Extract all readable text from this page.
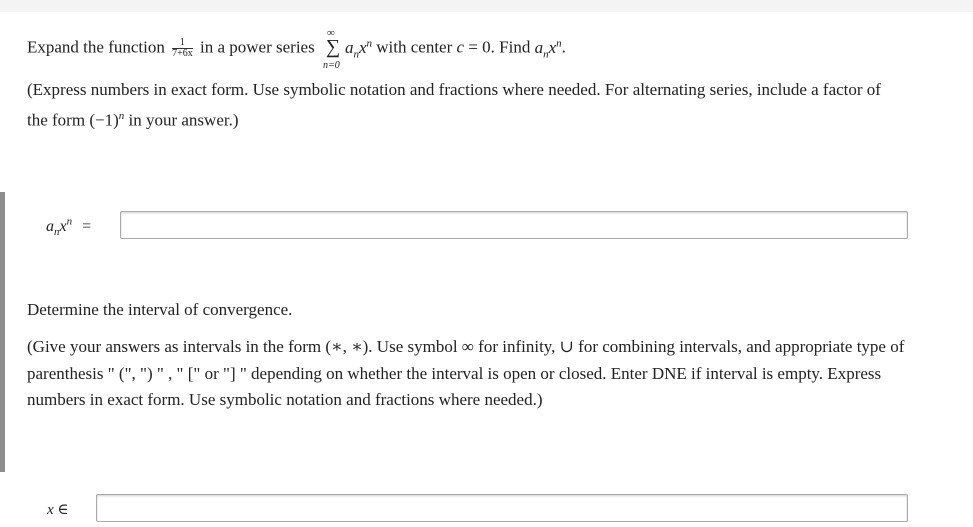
Expand the function $\frac{1}{7+6x}$ in a power series
∞
∑
n=0
$a_nx^n$ with center c = 0. Find $a_nx^n$.
(Express numbers in exact form. Use symbolic notation and fractions where needed. For alternating series, include a factor of
the form $(-1)^n$ in your answer.)
$a_nx^n$ =
Determine the interval of convergence.
(Give your answers as intervals in the form (∗, ∗). Use symbol ∞ for infinity, ∪ for combining intervals, and appropriate type of
parenthesis " (", ") " , " [" or "] " depending on whether the interval is open or closed. Enter DNE if interval is empty. Express
numbers in exact form. Use symbolic notation and fractions where needed.)
x ∈
